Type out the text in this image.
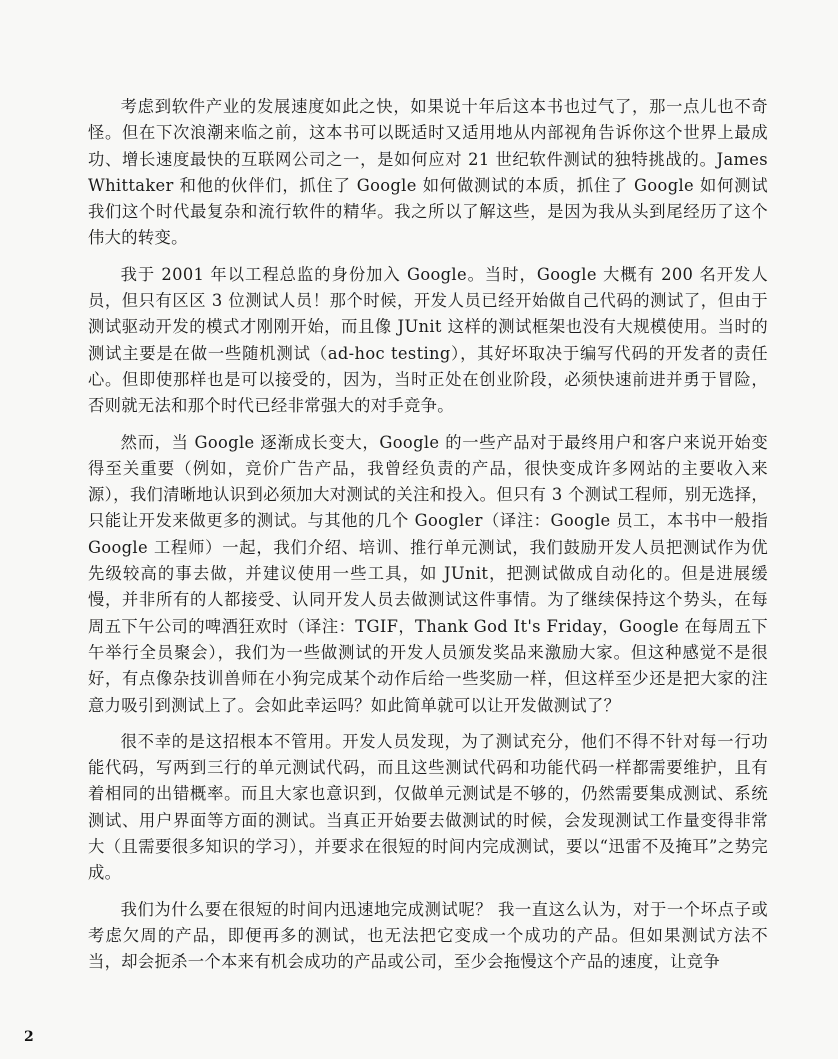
考虑到软件产业的发展速度如此之快，如果说十年后这本书也过气了，那一点儿也不奇怪。但在下次浪潮来临之前，这本书可以既适时又适用地从内部视角告诉你这个世界上最成功、增长速度最快的互联网公司之一，是如何应对 21 世纪软件测试的独特挑战的。James Whittaker 和他的伙伴们，抓住了 Google 如何做测试的本质，抓住了 Google 如何测试我们这个时代最复杂和流行软件的精华。我之所以了解这些，是因为我从头到尾经历了这个伟大的转变。

我于 2001 年以工程总监的身份加入 Google。当时，Google 大概有 200 名开发人员，但只有区区 3 位测试人员！那个时候，开发人员已经开始做自己代码的测试了，但由于测试驱动开发的模式才刚刚开始，而且像 JUnit 这样的测试框架也没有大规模使用。当时的测试主要是在做一些随机测试（ad-hoc testing），其好坏取决于编写代码的开发者的责任心。但即使那样也是可以接受的，因为，当时正处在创业阶段，必须快速前进并勇于冒险，否则就无法和那个时代已经非常强大的对手竞争。

然而，当 Google 逐渐成长变大，Google 的一些产品对于最终用户和客户来说开始变得至关重要（例如，竞价广告产品，我曾经负责的产品，很快变成许多网站的主要收入来源），我们清晰地认识到必须加大对测试的关注和投入。但只有 3 个测试工程师，别无选择，只能让开发来做更多的测试。与其他的几个 Googler（译注：Google 员工，本书中一般指 Google 工程师）一起，我们介绍、培训、推行单元测试，我们鼓励开发人员把测试作为优先级较高的事去做，并建议使用一些工具，如 JUnit，把测试做成自动化的。但是进展缓慢，并非所有的人都接受、认同开发人员去做测试这件事情。为了继续保持这个势头，在每周五下午公司的啤酒狂欢时（译注：TGIF，Thank God It's Friday，Google 在每周五下午举行全员聚会），我们为一些做测试的开发人员颁发奖品来激励大家。但这种感觉不是很好，有点像杂技训兽师在小狗完成某个动作后给一些奖励一样，但这样至少还是把大家的注意力吸引到测试上了。会如此幸运吗？如此简单就可以让开发做测试了？

很不幸的是这招根本不管用。开发人员发现，为了测试充分，他们不得不针对每一行功能代码，写两到三行的单元测试代码，而且这些测试代码和功能代码一样都需要维护，且有着相同的出错概率。而且大家也意识到，仅做单元测试是不够的，仍然需要集成测试、系统测试、用户界面等方面的测试。当真正开始要去做测试的时候，会发现测试工作量变得非常大（且需要很多知识的学习），并要求在很短的时间内完成测试，要以“迅雷不及掩耳”之势完成。

我们为什么要在很短的时间内迅速地完成测试呢？ 我一直这么认为，对于一个坏点子或考虑欠周的产品，即便再多的测试，也无法把它变成一个成功的产品。但如果测试方法不当，却会扼杀一个本来有机会成功的产品或公司，至少会拖慢这个产品的速度，让竞争

2
